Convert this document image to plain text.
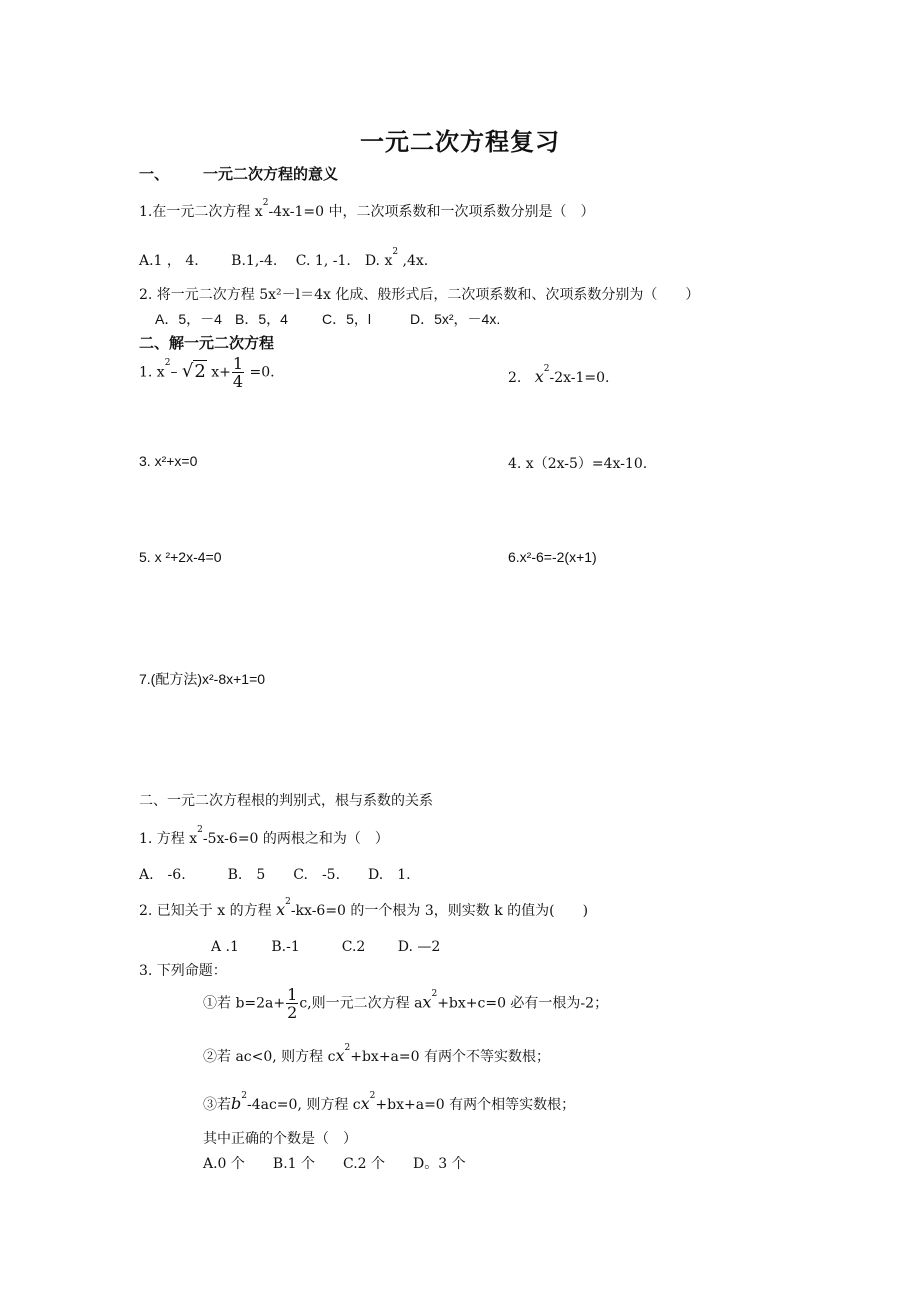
一元二次方程复习
一、 一元二次方程的意义
1.在一元二次方程 $x^2-4x-1=0$ 中，二次项系数和一次项系数分别是（　）
A.1 ， 4.　　 B.1,-4.　 C. 1, -1.　D. $x^2$ ,4x.
2. 将一元二次方程 5x²－l＝4x 化成、般形式后，二次项系数和、次项系数分别为（　　）
A．5，－4 B．5，4 C．5，l	D．5x²，－4x.
二、解一元二次方程
1. $x^2-$ √2 $x+ \frac{1}{4} =0$.	2. $x^2-2x-1=0$.
3. x²+x=0	4. x（2x-5）=4x-10.
5. x ²+2x-4=0	6.x²-6=-2(x+1)
7.(配方法)x²-8x+1=0
二、一元二次方程根的判别式，根与系数的关系
1. 方程 $x^2-5x-6=0$ 的两根之和为（　）
A.　-6.　　　B.　5　　C.　-5.　　D.　1.
2. 已知关于 x 的方程 $x^2-kx-6=0$ 的一个根为 3，则实数 k 的值为(　　)
A .1　　 B.-1　　　C.2　　 D. —2
3. 下列命题：
①若 $b=2a+ \frac{1}{2} c$,则一元二次方程 $ax^2+bx+c=0$ 必有一根为-2；
②若 ac<0, 则方程 $cx^2+bx+a=0$ 有两个不等实数根；
③若$b^2-4ac=0$, 则方程 $cx^2+bx+a=0$ 有两个相等实数根；
其中正确的个数是（　）
A.0 个　　B.1 个　　C.2 个　　D。3 个
